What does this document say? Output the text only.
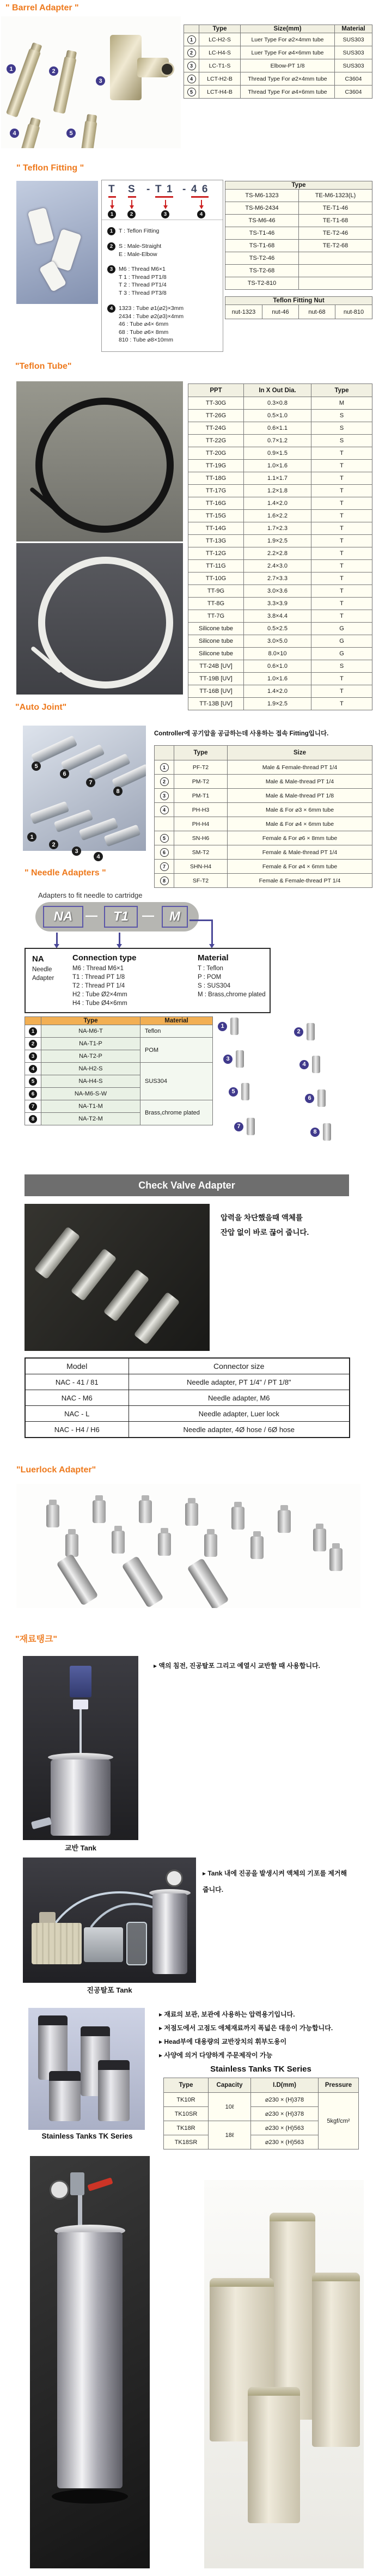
" Barrel Adapter "
1	2
3
4	5
	Type	Size(mm)	Material
1	LC-H2-S	Luer Type For ⌀2×4mm tube	SUS303
2	LC-H4-S	Luer Type For ⌀4×6mm tube	SUS303
3	LC-T1-S	Elbow-PT 1/8	SUS303
4	LCT-H2-B	Thread Type For ⌀2×4mm tube	C3604
5	LCT-H4-B	Thread Type For ⌀4×6mm tube	C3604
" Teflon Fitting "
T S - T 1 - 4 6
1	2	3	4
1	T : Teflon Fitting
2	S : Male-Straight
E : Male-Elbow
3	M6 : Thread M6×1
T 1 : Thread PT1/8
T 2 : Thread PT1/4
T 3 : Thread PT3/8
4	1323 : Tube ⌀1(⌀2)×3mm
2434 : Tube ⌀2(⌀3)×4mm
46 : Tube ⌀4× 6mm
68 : Tube ⌀6× 8mm
810 : Tube ⌀8×10mm
Type	
TS-M6-1323	TE-M6-1323(L)
TS-M6-2434	TE-T1-46
TS-M6-46	TE-T1-68
TS-T1-46	TE-T2-46
TS-T1-68	TE-T2-68
TS-T2-46	
TS-T2-68	
TS-T2-810	
Teflon Fitting Nut
nut-1323	nut-46	nut-68	nut-810
"Teflon Tube"
PPT	In X Out Dia.	Type
TT-30G	0.3×0.8	M
TT-26G	0.5×1.0	S
TT-24G	0.6×1.1	S
TT-22G	0.7×1.2	S
TT-20G	0.9×1.5	T
TT-19G	1.0×1.6	T
TT-18G	1.1×1.7	T
TT-17G	1.2×1.8	T
TT-16G	1.4×2.0	T
TT-15G	1.6×2.2	T
TT-14G	1.7×2.3	T
TT-13G	1.9×2.5	T
TT-12G	2.2×2.8	T
TT-11G	2.4×3.0	T
TT-10G	2.7×3.3	T
TT-9G	3.0×3.6	T
TT-8G	3.3×3.9	T
TT-7G	3.8×4.4	T
Silicone tube	0.5×2.5	G
Silicone tube	3.0×5.0	G
Silicone tube	8.0×10	G
TT-24B [UV]	0.6×1.0	S
TT-19B [UV]	1.0×1.6	T
TT-16B [UV]	1.4×2.0	T
TT-13B [UV]	1.9×2.5	T
"Auto Joint"
5
6
7
8
1
2
3
4
Controller에 공기압을 공급하는데 사용하는 접속 Fitting입니다.
	Type	Size
1	PF-T2	Male & Female-thread PT 1/4
2	PM-T2	Male & Male-thread PT 1/4
3	PM-T1	Male & Male-thread PT 1/8
4	PH-H3	Male & For ⌀3 × 6mm tube
	PH-H4	Male & For ⌀4 × 6mm tube
5	SN-H6	Female & For ⌀6 × 8mm tube
6	SM-T2	Female & Male-thread PT 1/4
7	SHN-H4	Female & For ⌀4 × 6mm tube
8	SF-T2	Female & Female-thread PT 1/4
" Needle Adapters "
Adapters to fit needle to cartridge
NA	—	T1	—	M
NA
Needle
Adapter
Connection type
M6 : Thread M6×1
T1 : Thread PT 1/8
T2 : Thread PT 1/4
H2 : Tube Ø2×4mm
H4 : Tube Ø4×6mm
Material
T : Teflon
P : POM
S : SUS304
M : Brass,chrome plated
	Type	Material
1	NA-M6-T	Teflon
2	NA-T1-P	POM
3	NA-T2-P	
4	NA-H2-S	SUS304
5	NA-H4-S	
6	NA-M6-S-W	
7	NA-T1-M	Brass,chrome plated
8	NA-T2-M	
1
2
3
4
5
6
7
8
Check Valve Adapter
압력을 차단했을때 액체를
잔압 없이 바로 끊어 줍니다.
Model	Connector size
NAC - 41 / 81	Needle adapter, PT 1/4" / PT 1/8"
NAC - M6	Needle adapter, M6
NAC - L	Needle adapter, Luer lock
NAC - H4 / H6	Needle adapter, 4Ø hose / 6Ø hose
"Luerlock Adapter"
"재료탱크"
교반 Tank
▸ 액의 침전, 진공탈포 그리고 예열시 교반할 때 사용합니다.
진공탈포 Tank
▸ Tank 내에 진공을 발생시켜 액체의 기포를 제거해
줍니다.
Stainless Tanks TK Series
▸ 재료의 보관, 보관에 사용하는 압력용기입니다.
▸ 저점도에서 고점도 애체재료까지 폭넓은 대응이 가능합니다.
▸ Head부에 대용량의 교반장치의 휘부도용이
▸ 사양에 의거 다양하게 주문제작이 가능
Stainless Tanks TK Series
Type	Capacity	I.D(mm)	Pressure
TK10R	10ℓ	⌀230 × (H)378	5kgf/cm²
TK10SR		⌀230 × (H)378	
TK18R	18ℓ	⌀230 × (H)563	
TK18SR		⌀230 × (H)563	
